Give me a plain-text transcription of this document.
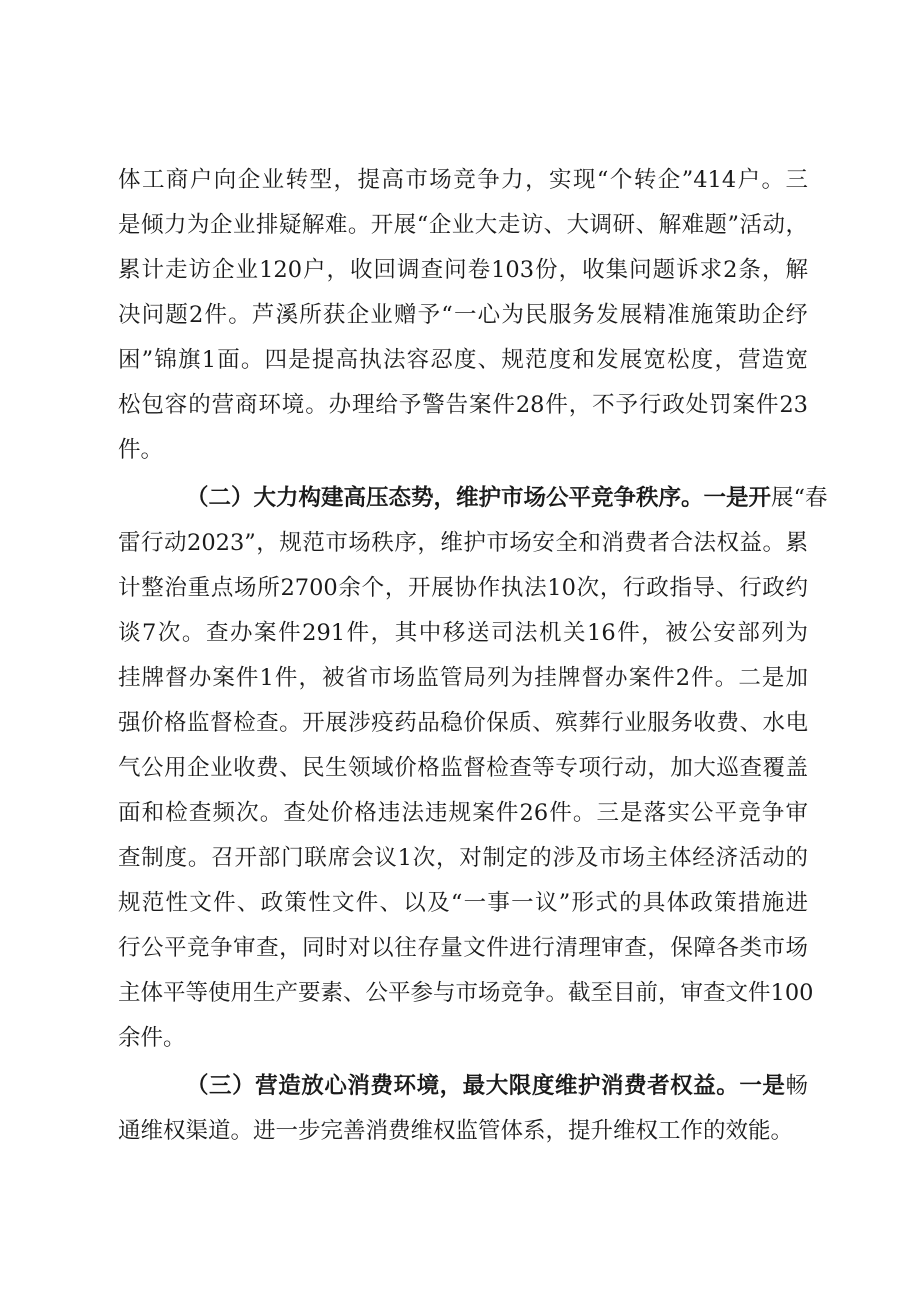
体工商户向企业转型，提高市场竞争力，实现“个转企”414户。三
是倾力为企业排疑解难。开展“企业大走访、大调研、解难题”活动，
累计走访企业120户，收回调查问卷103份，收集问题诉求2条，解
决问题2件。芦溪所获企业赠予“一心为民服务发展精准施策助企纾
困”锦旗1面。四是提高执法容忍度、规范度和发展宽松度，营造宽
松包容的营商环境。办理给予警告案件28件，不予行政处罚案件23
件。
（二）大力构建高压态势，维护市场公平竞争秩序。一是开展“春
雷行动2023”，规范市场秩序，维护市场安全和消费者合法权益。累
计整治重点场所2700余个，开展协作执法10次，行政指导、行政约
谈7次。查办案件291件，其中移送司法机关16件，被公安部列为
挂牌督办案件1件，被省市场监管局列为挂牌督办案件2件。二是加
强价格监督检查。开展涉疫药品稳价保质、殡葬行业服务收费、水电
气公用企业收费、民生领域价格监督检查等专项行动，加大巡查覆盖
面和检查频次。查处价格违法违规案件26件。三是落实公平竞争审
查制度。召开部门联席会议1次，对制定的涉及市场主体经济活动的
规范性文件、政策性文件、以及“一事一议”形式的具体政策措施进
行公平竞争审查，同时对以往存量文件进行清理审查，保障各类市场
主体平等使用生产要素、公平参与市场竞争。截至目前，审查文件100
余件。
（三）营造放心消费环境，最大限度维护消费者权益。一是畅
通维权渠道。进一步完善消费维权监管体系，提升维权工作的效能。
